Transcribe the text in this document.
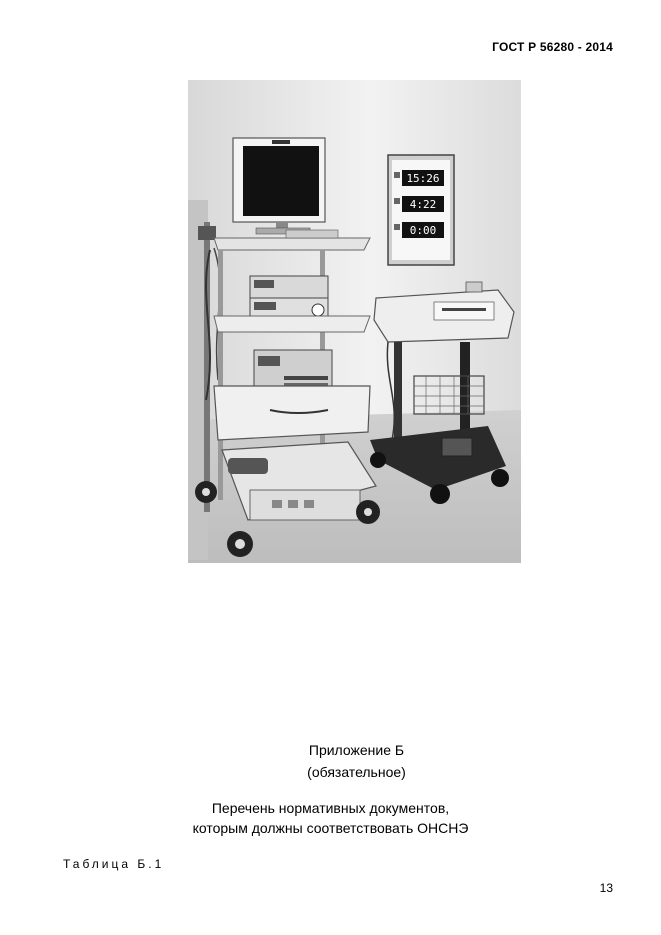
ГОСТ Р 56280 - 2014
15:26
4:22
0:00
Приложение Б
(обязательное)
Перечень нормативных документов,
которым должны соответствовать ОНСНЭ
Таблица Б.1
13
